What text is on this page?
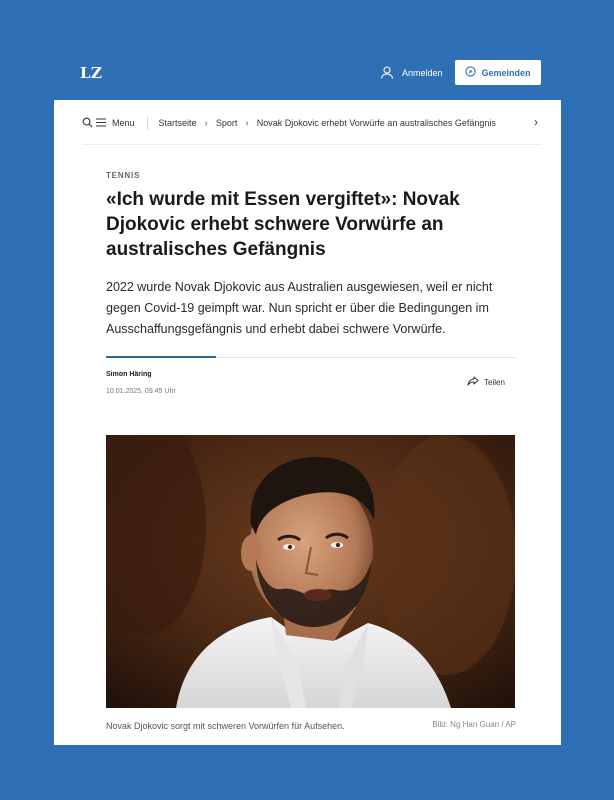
LZ	Anmelden	Gemeinden
Menu	Startseite › Sport › Novak Djokovic erhebt Vorwürfe an australisches Gefängnis	›
TENNIS
«Ich wurde mit Essen vergiftet»: Novak Djokovic erhebt schwere Vorwürfe an australisches Gefängnis

2022 wurde Novak Djokovic aus Australien ausgewiesen, weil er nicht gegen Covid-19 geimpft war. Nun spricht er über die Bedingungen im Ausschaffungsgefängnis und erhebt dabei schwere Vorwürfe.

Simon Häring
10.01.2025, 09.45 Uhr
Teilen
Novak Djokovic sorgt mit schweren Vorwürfen für Aufsehen.	Bild: Ng Han Guan / AP
